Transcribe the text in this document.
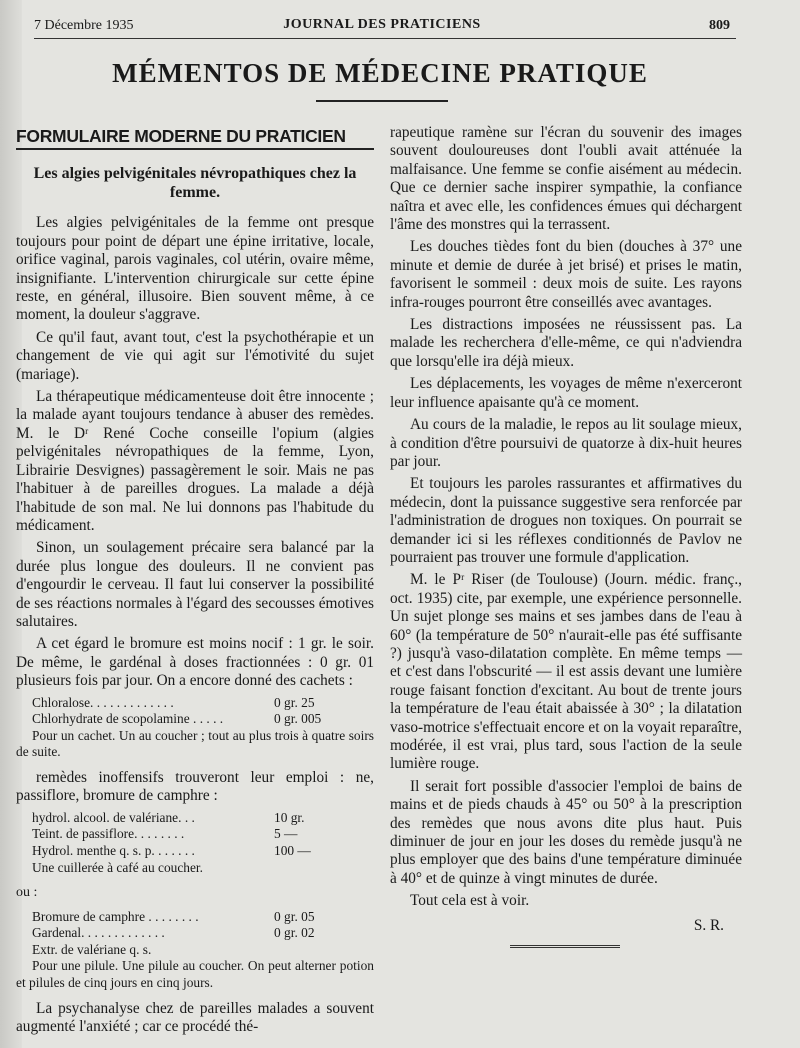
7 Décembre 1935	JOURNAL DES PRATICIENS	809
MÉMENTOS DE MÉDECINE PRATIQUE
FORMULAIRE MODERNE DU PRATICIEN
Les algies pelvigénitales névropathiques chez la femme.

Les algies pelvigénitales de la femme ont presque toujours pour point de départ une épine irritative, locale, orifice vaginal, parois vaginales, col utérin, ovaire même, insignifiante. L'intervention chirurgicale sur cette épine reste, en général, illusoire. Bien souvent même, à ce moment, la douleur s'aggrave.

Ce qu'il faut, avant tout, c'est la psychothérapie et un changement de vie qui agit sur l'émotivité du sujet (mariage).

La thérapeutique médicamenteuse doit être innocente ; la malade ayant toujours tendance à abuser des remèdes. M. le Dʳ René Coche conseille l'opium (algies pelvigénitales névropathiques de la femme, Lyon, Librairie Desvignes) passagèrement le soir. Mais ne pas l'habituer à de pareilles drogues. La malade a déjà l'habitude de son mal. Ne lui donnons pas l'habitude du médicament.

Sinon, un soulagement précaire sera balancé par la durée plus longue des douleurs. Il ne convient pas d'engourdir le cerveau. Il faut lui conserver la possibilité de ses réactions normales à l'égard des secousses émotives salutaires.

A cet égard le bromure est moins nocif : 1 gr. le soir. De même, le gardénal à doses fractionnées : 0 gr. 01 plusieurs fois par jour. On a encore donné des cachets :

Chloralose. . . . . . . . . . . . .	0 gr. 25
Chlorhydrate de scopolamine . . . . .	0 gr. 005
Pour un cachet. Un au coucher ; tout au plus trois à quatre soirs de suite.

remèdes inoffensifs trouveront leur emploi : ne, passiflore, bromure de camphre :

hydrol. alcool. de valériane. . .	10 gr.
Teint. de passiflore. . . . . . . .	5 —
Hydrol. menthe q. s. p. . . . . . .	100 —
Une cuillerée à café au coucher.
ou :
Bromure de camphre . . . . . . . .	0 gr. 05
Gardenal. . . . . . . . . . . . .	0 gr. 02
Extr. de valériane q. s.
Pour une pilule. Une pilule au coucher. On peut alterner potion et pilules de cinq jours en cinq jours.

La psychanalyse chez de pareilles malades a souvent augmenté l'anxiété ; car ce procédé thé-

rapeutique ramène sur l'écran du souvenir des images souvent douloureuses dont l'oubli avait atténuée la malfaisance. Une femme se confie aisément au médecin. Que ce dernier sache inspirer sympathie, la confiance naîtra et avec elle, les confidences émues qui déchargent l'âme des monstres qui la terrassent.

Les douches tièdes font du bien (douches à 37° une minute et demie de durée à jet brisé) et prises le matin, favorisent le sommeil : deux mois de suite. Les rayons infra-rouges pourront être conseillés avec avantages.

Les distractions imposées ne réussissent pas. La malade les recherchera d'elle-même, ce qui n'adviendra que lorsqu'elle ira déjà mieux.

Les déplacements, les voyages de même n'exerceront leur influence apaisante qu'à ce moment.

Au cours de la maladie, le repos au lit soulage mieux, à condition d'être poursuivi de quatorze à dix-huit heures par jour.

Et toujours les paroles rassurantes et affirmatives du médecin, dont la puissance suggestive sera renforcée par l'administration de drogues non toxiques. On pourrait se demander ici si les réflexes conditionnés de Pavlov ne pourraient pas trouver une formule d'application.

M. le Pʳ Riser (de Toulouse) (Journ. médic. franç., oct. 1935) cite, par exemple, une expérience personnelle. Un sujet plonge ses mains et ses jambes dans de l'eau à 60° (la température de 50° n'aurait-elle pas été suffisante ?) jusqu'à vaso-dilatation complète. En même temps — et c'est dans l'obscurité — il est assis devant une lumière rouge faisant fonction d'excitant. Au bout de trente jours la température de l'eau était abaissée à 30° ; la dilatation vaso-motrice s'effectuait encore et on la voyait reparaître, modérée, il est vrai, plus tard, sous l'action de la seule lumière rouge.

Il serait fort possible d'associer l'emploi de bains de mains et de pieds chauds à 45° ou 50° à la prescription des remèdes que nous avons dite plus haut. Puis diminuer de jour en jour les doses du remède jusqu'à ne plus employer que des bains d'une température diminuée à 40° et de quinze à vingt minutes de durée.

Tout cela est à voir.

S. R.
